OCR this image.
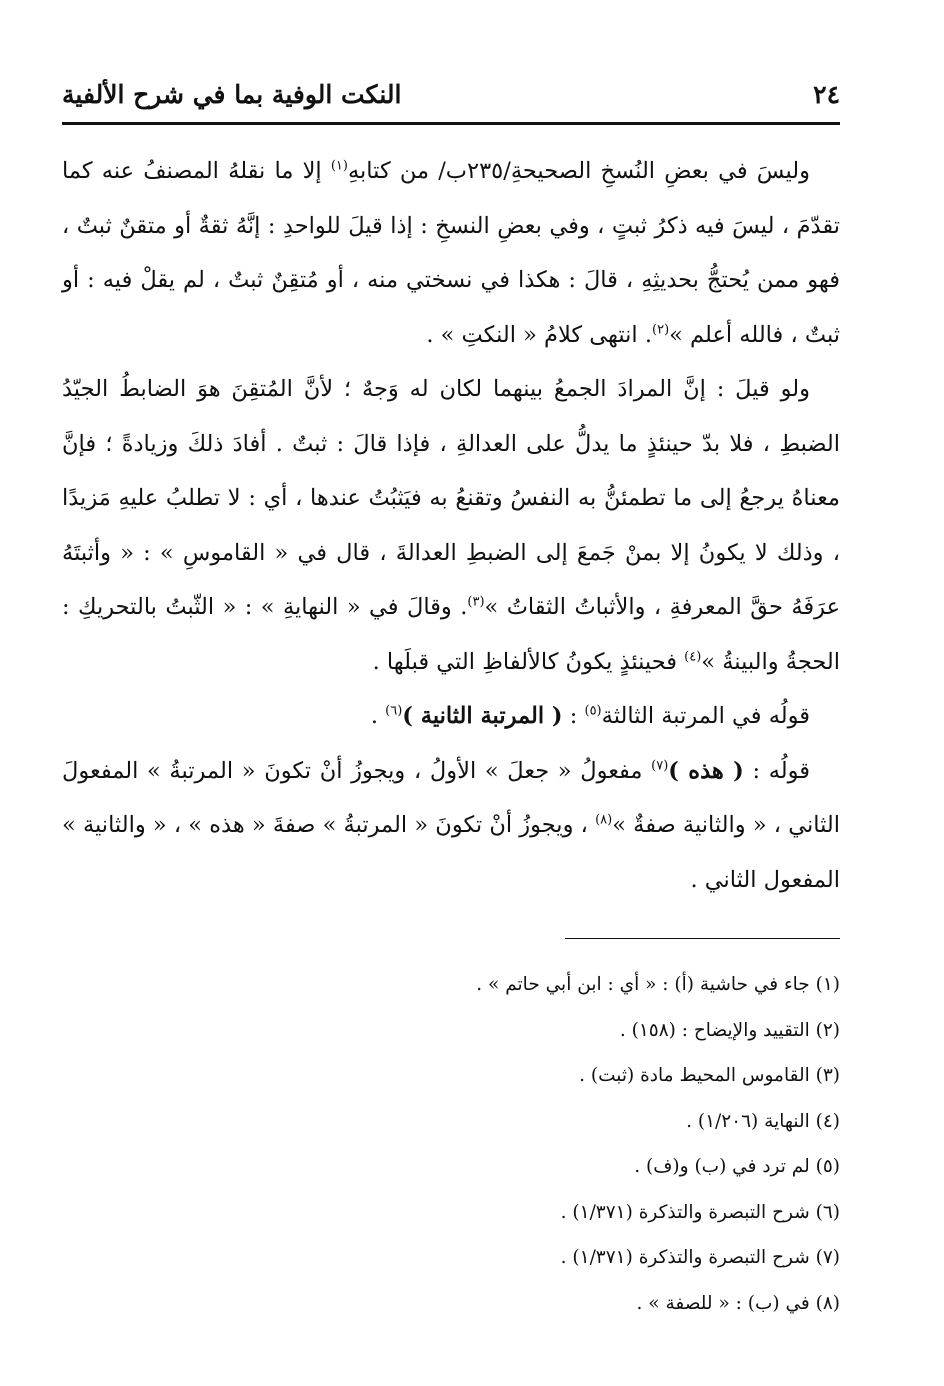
٢٤
النكت الوفية بما في شرح الألفية

وليسَ في بعضِ النُسخِ الصحيحةِ/٢٣٥ب/ من كتابهِ$^{(١)}$ إلا ما نقلهُ المصنفُ عنه كما تقدّمَ ، ليسَ فيه ذكرُ ثبتٍ ، وفي بعضِ النسخِ : إذا قيلَ للواحدِ : إنَّهُ ثقةٌ أو متقنٌ ثبتٌ ، فهو ممن يُحتجُّ بحديثِهِ ، قالَ : هكذا في نسختي منه ، أو مُتقِنٌ ثبتٌ ، لم يقلْ فيه : أو ثبتٌ ، فالله أعلم »$^{(٢)}$. انتهى كلامُ « النكتِ » .

ولو قيلَ : إنَّ المرادَ الجمعُ بينهما لكان له وَجهٌ ؛ لأنَّ المُتقِنَ هوَ الضابطُ الجيّدُ الضبطِ ، فلا بدّ حينئذٍ ما يدلُّ على العدالةِ ، فإذا قالَ : ثبتٌ . أفادَ ذلكَ وزيادةً ؛ فإنَّ معناهُ يرجعُ إلى ما تطمئنُّ به النفسُ وتقنعُ به فيَثبُتُ عندها ، أي : لا تطلبُ عليهِ مَزيدًا ، وذلك لا يكونُ إلا بمنْ جَمعَ إلى الضبطِ العدالةَ ، قال في « القاموسِ » : « وأثبتَهُ عرَفَهُ حقَّ المعرفةِ ، والأثباتُ الثقاتُ »$^{(٣)}$. وقالَ في « النهايةِ » : « الثّبتُ بالتحريكِ : الحجةُ والبينةُ »$^{(٤)}$ فحينئذٍ يكونُ كالألفاظِ التي قبلَها .

قولُه في المرتبة الثالثة$^{(٥)}$ : ( المرتبة الثانية )$^{(٦)}$ .

قولُه : ( هذه )$^{(٧)}$ مفعولُ « جعلَ » الأولُ ، ويجوزُ أنْ تكونَ « المرتبةُ » المفعولَ الثاني ، « والثانية صفةٌ »$^{(٨)}$ ، ويجوزُ أنْ تكونَ « المرتبةُ » صفةَ « هذه » ، « والثانية » المفعول الثاني .

(١) جاء في حاشية (أ) : « أي : ابن أبي حاتم » .
(٢) التقييد والإيضاح : (١٥٨) .
(٣) القاموس المحيط مادة (ثبت) .
(٤) النهاية (١/٢٠٦) .
(٥) لم ترد في (ب) و(ف) .
(٦) شرح التبصرة والتذكرة (١/٣٧١) .
(٧) شرح التبصرة والتذكرة (١/٣٧١) .
(٨) في (ب) : « للصفة » .
